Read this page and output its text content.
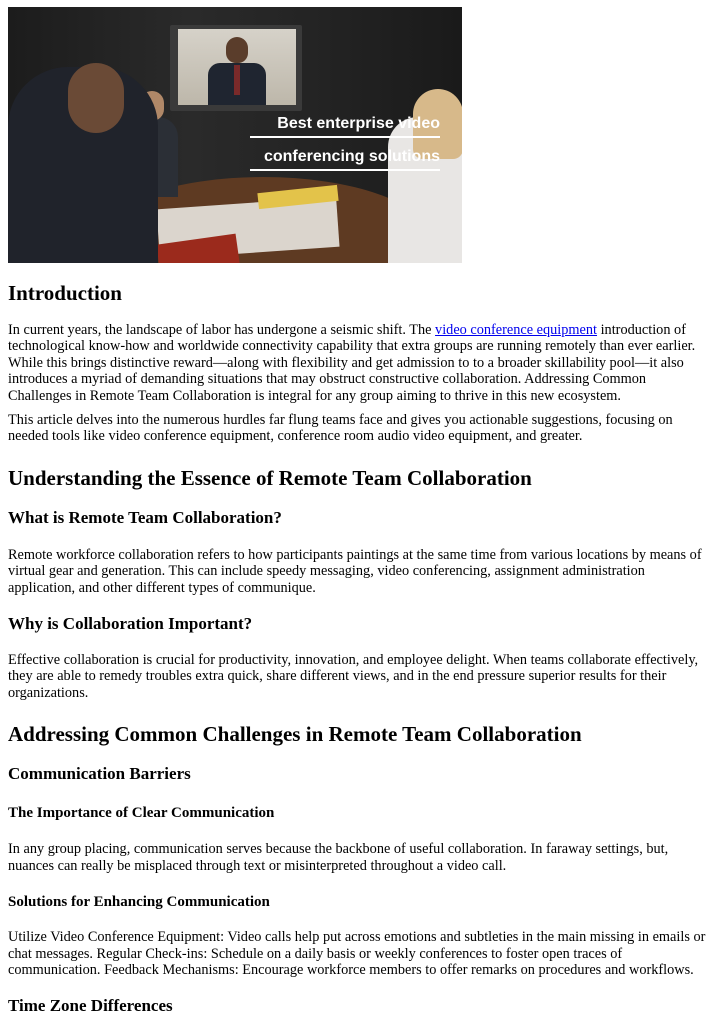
Best enterprise video
conferencing solutions
Introduction

In current years, the landscape of labor has undergone a seismic shift. The video conference equipment introduction of technological know-how and worldwide connectivity capability that extra groups are running remotely than ever earlier. While this brings distinctive reward—along with flexibility and get admission to to a broader skillability pool—it also introduces a myriad of demanding situations that may obstruct constructive collaboration. Addressing Common Challenges in Remote Team Collaboration is integral for any group aiming to thrive in this new ecosystem.

This article delves into the numerous hurdles far flung teams face and gives you actionable suggestions, focusing on needed tools like video conference equipment, conference room audio video equipment, and greater.

Understanding the Essence of Remote Team Collaboration
What is Remote Team Collaboration?

Remote workforce collaboration refers to how participants paintings at the same time from various locations by means of virtual gear and generation. This can include speedy messaging, video conferencing, assignment administration application, and other different types of communique.

Why is Collaboration Important?

Effective collaboration is crucial for productivity, innovation, and employee delight. When teams collaborate effectively, they are able to remedy troubles extra quick, share different views, and in the end pressure superior results for their organizations.

Addressing Common Challenges in Remote Team Collaboration
Communication Barriers
The Importance of Clear Communication

In any group placing, communication serves because the backbone of useful collaboration. In faraway settings, but, nuances can really be misplaced through text or misinterpreted throughout a video call.

Solutions for Enhancing Communication

Utilize Video Conference Equipment: Video calls help put across emotions and subtleties in the main missing in emails or chat messages. Regular Check-ins: Schedule on a daily basis or weekly conferences to foster open traces of communication. Feedback Mechanisms: Encourage workforce members to offer remarks on procedures and workflows.

Time Zone Differences
